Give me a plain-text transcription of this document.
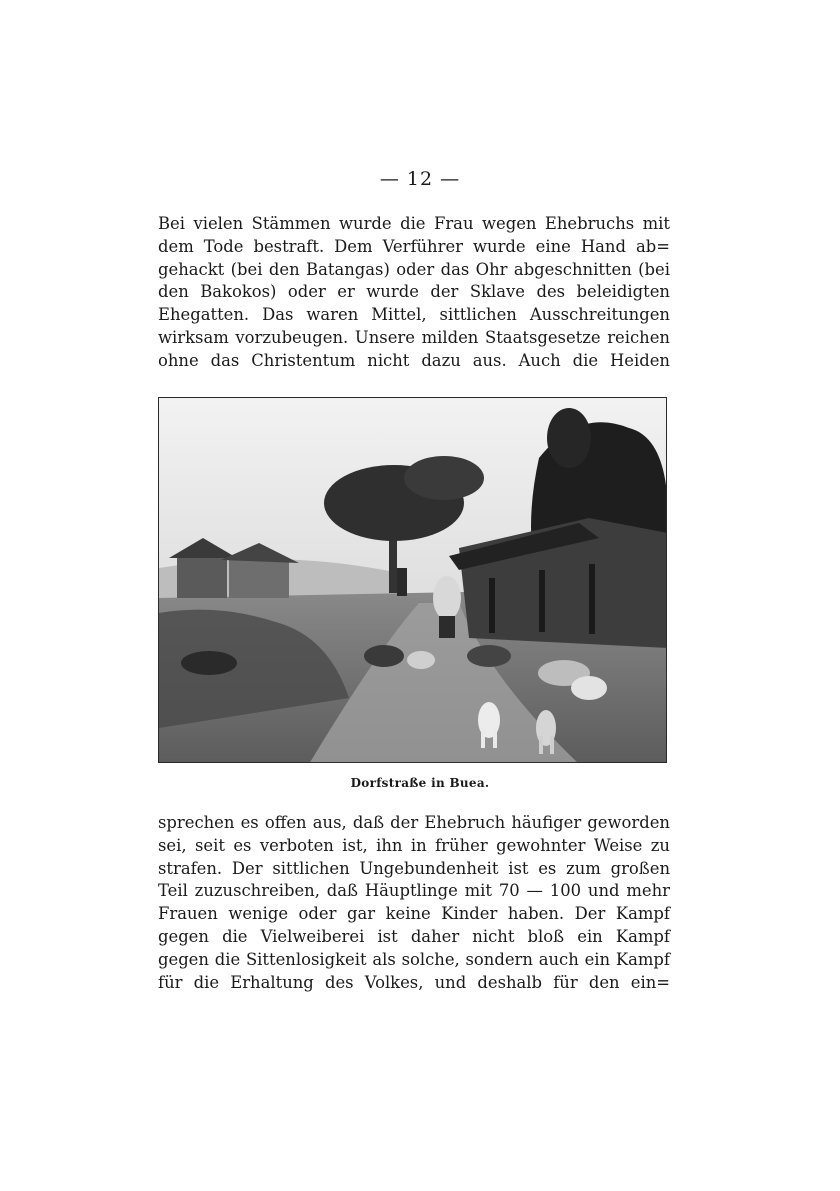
— 12 —
Bei vielen Stämmen wurde die Frau wegen Ehebruchs mit
dem Tode bestraft. Dem Verführer wurde eine Hand ab=
gehackt (bei den Batangas) oder das Ohr abgeschnitten (bei
den Bakokos) oder er wurde der Sklave des beleidigten
Ehegatten. Das waren Mittel, sittlichen Ausschreitungen
wirksam vorzubeugen. Unsere milden Staatsgesetze reichen
ohne das Christentum nicht dazu aus. Auch die Heiden
Dorfstraße in Buea.
sprechen es offen aus, daß der Ehebruch häufiger geworden
sei, seit es verboten ist, ihn in früher gewohnter Weise zu
strafen. Der sittlichen Ungebundenheit ist es zum großen
Teil zuzuschreiben, daß Häuptlinge mit 70 — 100 und mehr
Frauen wenige oder gar keine Kinder haben. Der Kampf
gegen die Vielweiberei ist daher nicht bloß ein Kampf
gegen die Sittenlosigkeit als solche, sondern auch ein Kampf
für die Erhaltung des Volkes, und deshalb für den ein=
